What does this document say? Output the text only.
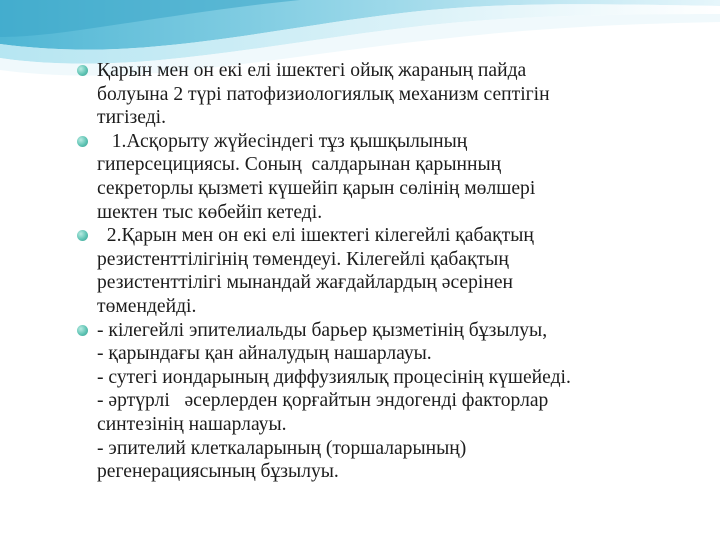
Қарын мен он екі елі ішектегі ойық жараның пайда
болуына 2 түрі патофизиологиялық механизм септігін
тигізеді.
1.Асқорыту жүйесіндегі тұз қышқылының
гиперсецициясы. Соның  салдарынан қарынның
секреторлы қызметі күшейіп қарын сөлінің мөлшері
шектен тыс көбейіп кетеді.
2.Қарын мен он екі елі ішектегі кілегейлі қабақтың
резистенттілігінің төмендеуі. Кілегейлі қабақтың
резистенттілігі мынандай жағдайлардың әсерінен
төмендейді.
- кілегейлі эпителиальды барьер қызметінің бұзылуы,
- қарындағы қан айналудың нашарлауы.
- сутегі иондарының диффузиялық процесінің күшейеді.
- әртүрлі   әсерлерден қорғайтын эндогенді факторлар
синтезінің нашарлауы.
- эпителий клеткаларының (торшаларының)
регенерациясының бұзылуы.
